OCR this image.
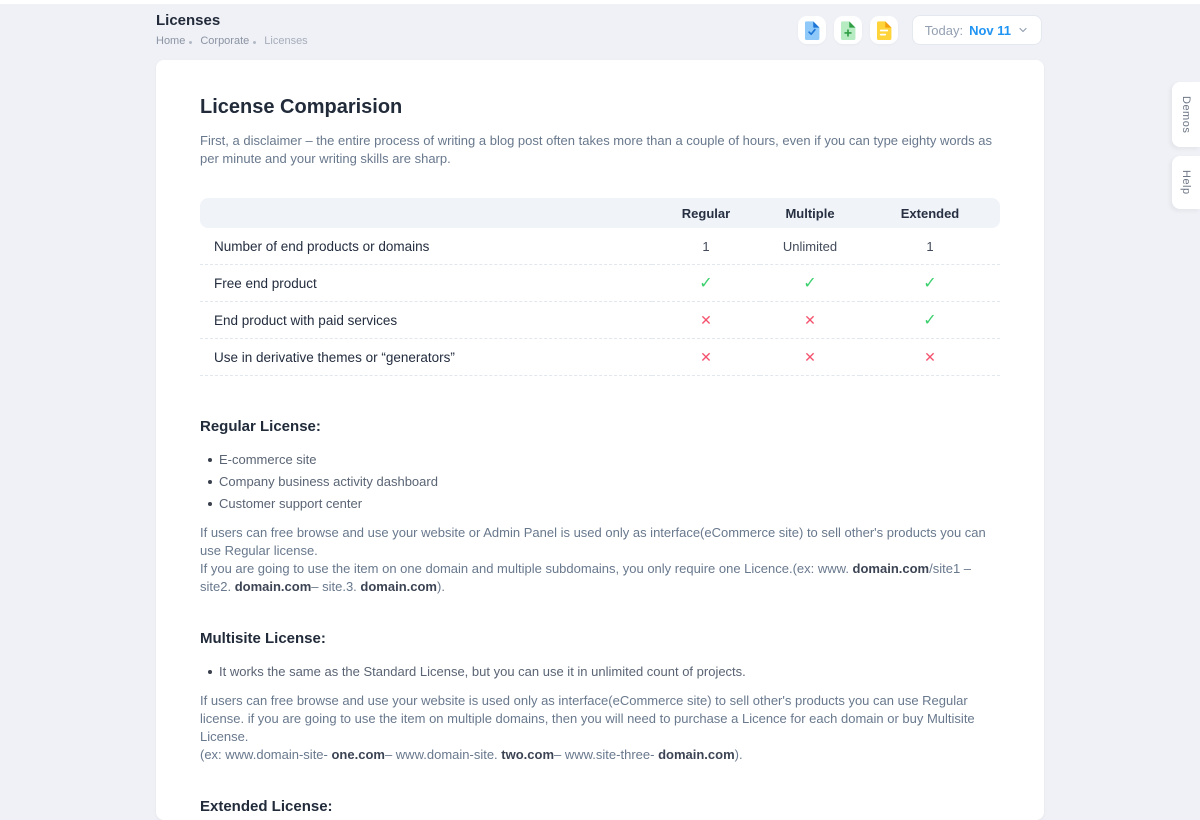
Licenses
Home Corporate Licenses
Today: Nov 11
Demos
Help
License Comparision
First, a disclaimer – the entire process of writing a blog post often takes more than a couple of hours, even if you can type eighty words as per minute and your writing skills are sharp.
	Regular	Multiple	Extended
Number of end products or domains	1	Unlimited	1
Free end product	✓	✓	✓
End product with paid services	✕	✕	✓
Use in derivative themes or “generators”	✕	✕	✕
Regular License:
E-commerce site
Company business activity dashboard
Customer support center
If users can free browse and use your website or Admin Panel is used only as interface(eCommerce site) to sell other's products you can use Regular license.
If you are going to use the item on one domain and multiple subdomains, you only require one Licence.(ex: www. domain.com/site1 – site2. domain.com– site.3. domain.com).
Multisite License:
It works the same as the Standard License, but you can use it in unlimited count of projects.
If users can free browse and use your website is used only as interface(eCommerce site) to sell other's products you can use Regular license. if you are going to use the item on multiple domains, then you will need to purchase a Licence for each domain or buy Multisite License.
(ex: www.domain-site- one.com– www.domain-site. two.com– www.site-three- domain.com).
Extended License:
